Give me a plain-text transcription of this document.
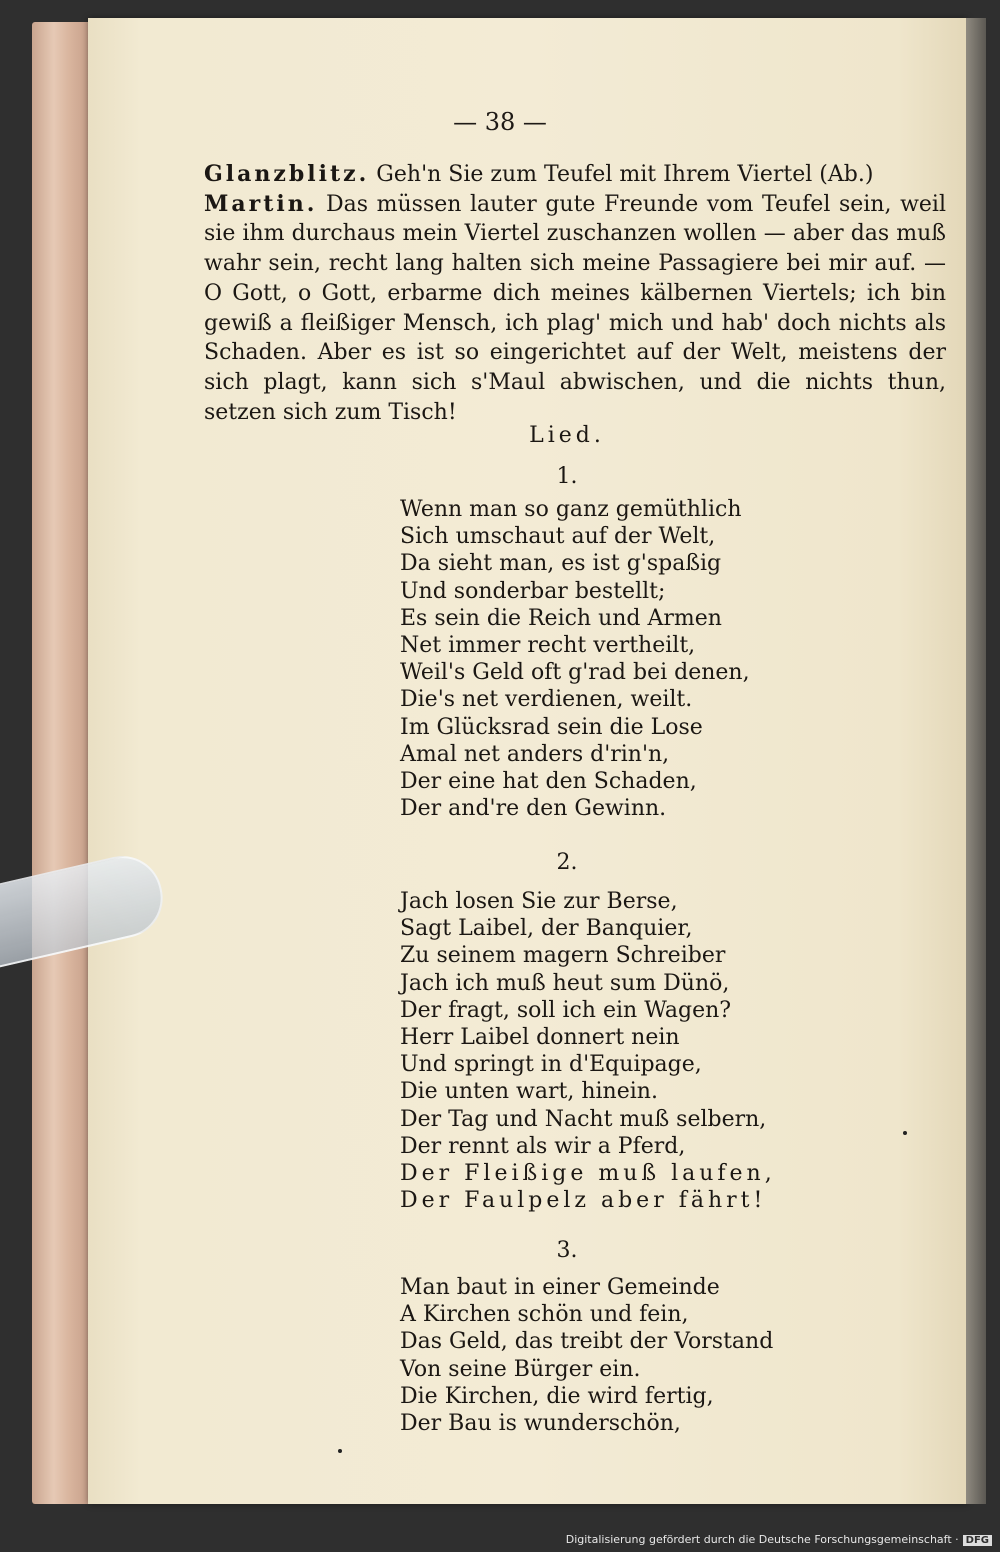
— 38 —

Glanzblitz. Geh'n Sie zum Teufel mit Ihrem Viertel (Ab.)

Martin. Das müssen lauter gute Freunde vom Teufel sein, weil sie ihm durchaus mein Viertel zuschanzen wollen — aber das muß wahr sein, recht lang halten sich meine Passagiere bei mir auf. — O Gott, o Gott, erbarme dich meines kälbernen Viertels; ich bin gewiß a fleißiger Mensch, ich plag' mich und hab' doch nichts als Schaden. Aber es ist so eingerichtet auf der Welt, meistens der sich plagt, kann sich s'Maul abwischen, und die nichts thun, setzen sich zum Tisch!

Lied.
1.
Wenn man so ganz gemüthlich
Sich umschaut auf der Welt,
Da sieht man, es ist g'spaßig
Und sonderbar bestellt;
Es sein die Reich und Armen
Net immer recht vertheilt,
Weil's Geld oft g'rad bei denen,
Die's net verdienen, weilt.
Im Glücksrad sein die Lose
Amal net anders d'rin'n,
Der eine hat den Schaden,
Der and're den Gewinn.
2.
Jach losen Sie zur Berse,
Sagt Laibel, der Banquier,
Zu seinem magern Schreiber
Jach ich muß heut sum Dünö,
Der fragt, soll ich ein Wagen?
Herr Laibel donnert nein
Und springt in d'Equipage,
Die unten wart, hinein.
Der Tag und Nacht muß selbern,
Der rennt als wir a Pferd,
Der Fleißige muß laufen,
Der Faulpelz aber fährt!
3.
Man baut in einer Gemeinde
A Kirchen schön und fein,
Das Geld, das treibt der Vorstand
Von seine Bürger ein.
Die Kirchen, die wird fertig,
Der Bau is wunderschön,
Digitalisierung gefördert durch die Deutsche Forschungsgemeinschaft · DFG
